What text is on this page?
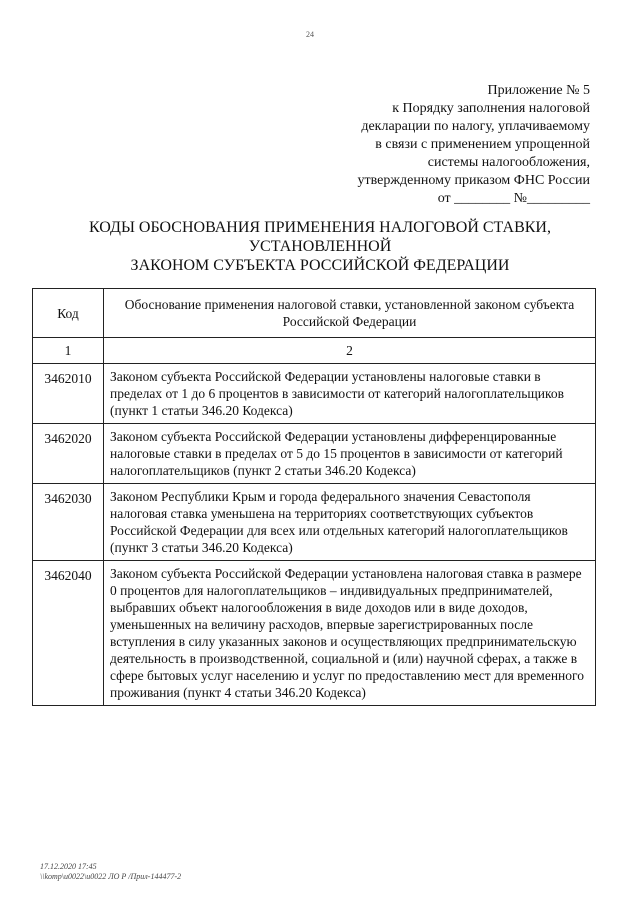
24
Приложение № 5
к Порядку заполнения налоговой
декларации по налогу, уплачиваемому
в связи с применением упрощенной
системы налогообложения,
утвержденному приказом ФНС России
от ________ №_________
КОДЫ ОБОСНОВАНИЯ ПРИМЕНЕНИЯ НАЛОГОВОЙ СТАВКИ,
УСТАНОВЛЕННОЙ
ЗАКОНОМ СУБЪЕКТА РОССИЙСКОЙ ФЕДЕРАЦИИ
Код	Обоснование применения налоговой ставки, установленной законом субъекта Российской Федерации
1	2
3462010	Законом субъекта Российской Федерации установлены налоговые ставки в пределах от 1 до 6 процентов в зависимости от категорий налогоплательщиков (пункт 1 статьи 346.20 Кодекса)
3462020	Законом субъекта Российской Федерации установлены дифференцированные налоговые ставки в пределах от 5 до 15 процентов в зависимости от категорий налогоплательщиков (пункт 2 статьи 346.20 Кодекса)
3462030	Законом Республики Крым и города федерального значения Севастополя налоговая ставка уменьшена на территориях соответствующих субъектов Российской Федерации для всех или отдельных категорий налогоплательщиков (пункт 3 статьи 346.20 Кодекса)
3462040	Законом субъекта Российской Федерации установлена налоговая ставка в размере 0 процентов для налогоплательщиков – индивидуальных предпринимателей, выбравших объект налогообложения в виде доходов или в виде доходов, уменьшенных на величину расходов, впервые зарегистрированных после вступления в силу указанных законов и осуществляющих предпринимательскую деятельность в производственной, социальной и (или) научной сферах, а также в сфере бытовых услуг населению и услуг по предоставлению мест для временного проживания (пункт 4 статьи 346.20 Кодекса)
17.12.2020 17:45
\\komp\u0022\u0022 ЛО Р /Прил-144477-2
